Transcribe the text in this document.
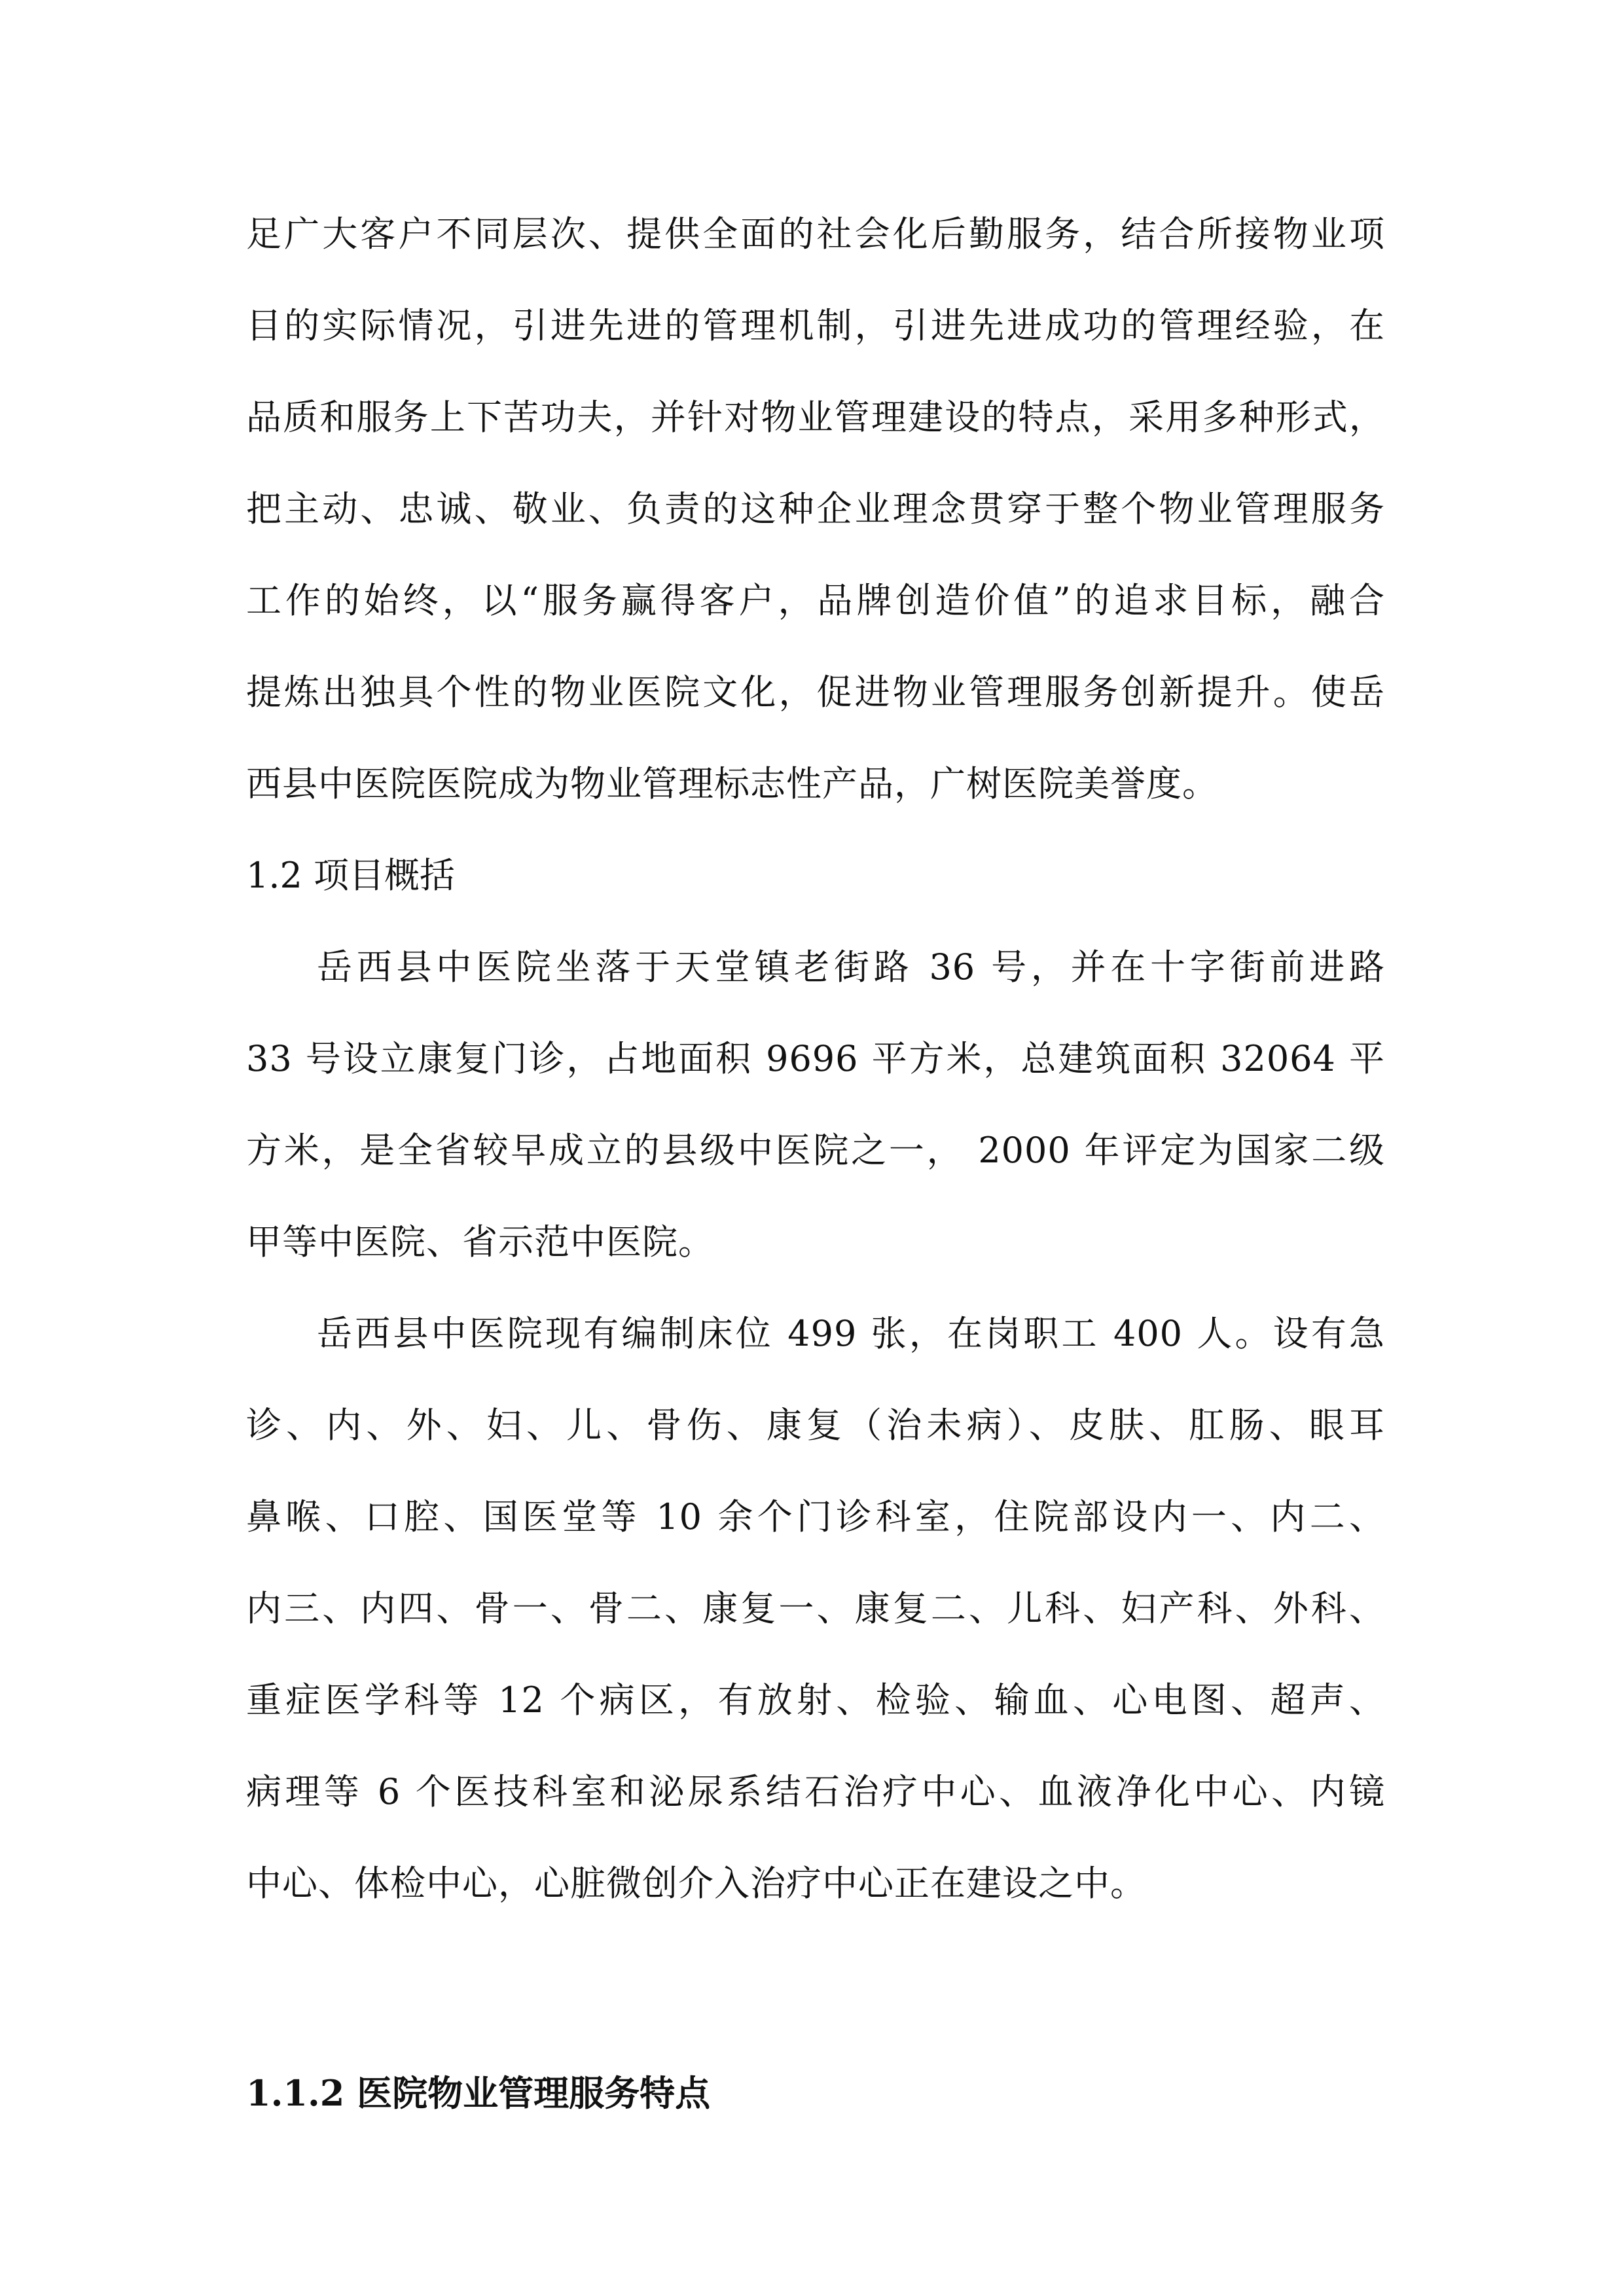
足广大客户不同层次、提供全面的社会化后勤服务，结合所接物业项
目的实际情况，引进先进的管理机制，引进先进成功的管理经验，在
品质和服务上下苦功夫，并针对物业管理建设的特点，采用多种形式，
把主动、忠诚、敬业、负责的这种企业理念贯穿于整个物业管理服务
工作的始终，以“服务赢得客户，品牌创造价值”的追求目标，融合
提炼出独具个性的物业医院文化，促进物业管理服务创新提升。使岳
西县中医院医院成为物业管理标志性产品，广树医院美誉度。
1.2 项目概括
岳西县中医院坐落于天堂镇老街路 36 号，并在十字街前进路
33 号设立康复门诊，占地面积 9696 平方米，总建筑面积 32064 平
方米，是全省较早成立的县级中医院之一， 2000 年评定为国家二级
甲等中医院、省示范中医院。
岳西县中医院现有编制床位 499 张，在岗职工 400 人。设有急
诊、内、外、妇、儿、骨伤、康复（治未病）、皮肤、肛肠、眼耳
鼻喉、口腔、国医堂等 10 余个门诊科室，住院部设内一、内二、
内三、内四、骨一、骨二、康复一、康复二、儿科、妇产科、外科、
重症医学科等 12 个病区，有放射、检验、输血、心电图、超声、
病理等 6 个医技科室和泌尿系结石治疗中心、血液净化中心、内镜
中心、体检中心，心脏微创介入治疗中心正在建设之中。
1.1.2 医院物业管理服务特点
